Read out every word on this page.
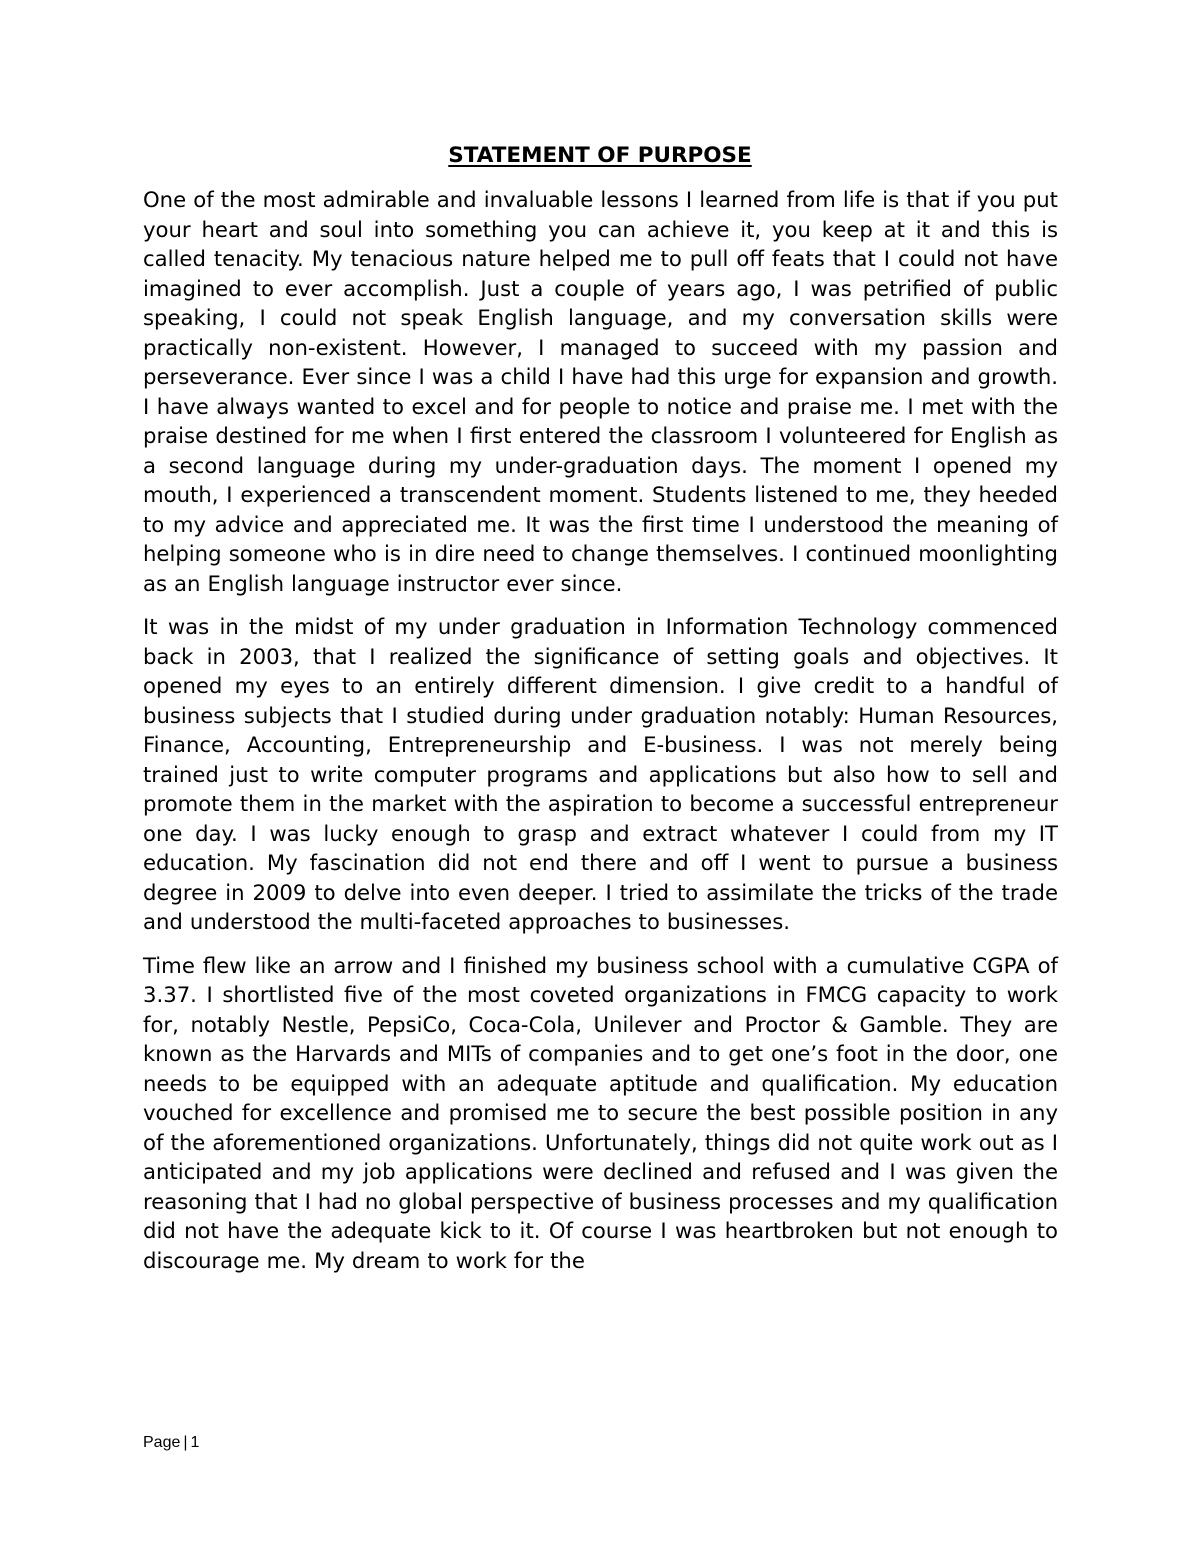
STATEMENT OF PURPOSE

One of the most admirable and invaluable lessons I learned from life is that if you put your heart and soul into something you can achieve it, you keep at it and this is called tenacity. My tenacious nature helped me to pull off feats that I could not have imagined to ever accomplish. Just a couple of years ago, I was petrified of public speaking, I could not speak English language, and my conversation skills were practically non-existent. However, I managed to succeed with my passion and perseverance. Ever since I was a child I have had this urge for expansion and growth. I have always wanted to excel and for people to notice and praise me. I met with the praise destined for me when I first entered the classroom I volunteered for English as a second language during my under-graduation days. The moment I opened my mouth, I experienced a transcendent moment. Students listened to me, they heeded to my advice and appreciated me. It was the first time I understood the meaning of helping someone who is in dire need to change themselves. I continued moonlighting as an English language instructor ever since.

It was in the midst of my under graduation in Information Technology commenced back in 2003, that I realized the significance of setting goals and objectives. It opened my eyes to an entirely different dimension. I give credit to a handful of business subjects that I studied during under graduation notably: Human Resources, Finance, Accounting, Entrepreneurship and E-business. I was not merely being trained just to write computer programs and applications but also how to sell and promote them in the market with the aspiration to become a successful entrepreneur one day. I was lucky enough to grasp and extract whatever I could from my IT education. My fascination did not end there and off I went to pursue a business degree in 2009 to delve into even deeper. I tried to assimilate the tricks of the trade and understood the multi-faceted approaches to businesses.

Time flew like an arrow and I finished my business school with a cumulative CGPA of 3.37. I shortlisted five of the most coveted organizations in FMCG capacity to work for, notably Nestle, PepsiCo, Coca-Cola, Unilever and Proctor & Gamble. They are known as the Harvards and MITs of companies and to get one’s foot in the door, one needs to be equipped with an adequate aptitude and qualification. My education vouched for excellence and promised me to secure the best possible position in any of the aforementioned organizations. Unfortunately, things did not quite work out as I anticipated and my job applications were declined and refused and I was given the reasoning that I had no global perspective of business processes and my qualification did not have the adequate kick to it. Of course I was heartbroken but not enough to discourage me. My dream to work for the

Page | 1
